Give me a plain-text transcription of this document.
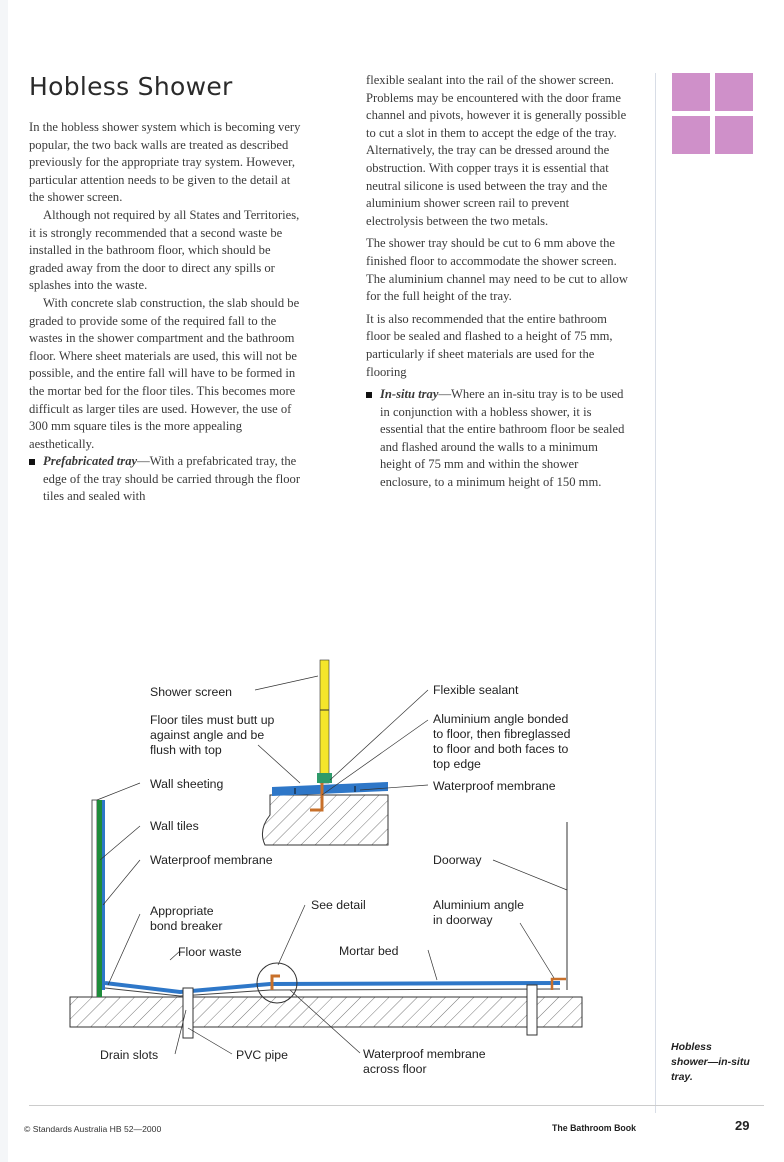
Hobless Shower

In the hobless shower system which is becoming very popular, the two back walls are treated as described previously for the appropriate tray system. However, particular attention needs to be given to the detail at the shower screen.

Although not required by all States and Territories, it is strongly recommended that a second waste be installed in the bathroom floor, which should be graded away from the door to direct any spills or splashes into the waste.

With concrete slab construction, the slab should be graded to provide some of the required fall to the wastes in the shower compartment and the bathroom floor. Where sheet materials are used, this will not be possible, and the entire fall will have to be formed in the mortar bed for the floor tiles. This becomes more difficult as larger tiles are used. However, the use of 300 mm square tiles is the more appealing aesthetically.

Prefabricated tray—With a prefabricated tray, the edge of the tray should be carried through the floor tiles and sealed with

flexible sealant into the rail of the shower screen. Problems may be encountered with the door frame channel and pivots, however it is generally possible to cut a slot in them to accept the edge of the tray. Alternatively, the tray can be dressed around the obstruction. With copper trays it is essential that neutral silicone is used between the tray and the aluminium shower screen rail to prevent electrolysis between the two metals.

The shower tray should be cut to 6 mm above the finished floor to accommodate the shower screen. The aluminium channel may need to be cut to allow for the full height of the tray.

It is also recommended that the entire bathroom floor be sealed and flashed to a height of 75 mm, particularly if sheet materials are used for the flooring

In-situ tray—Where an in-situ tray is to be used in conjunction with a hobless shower, it is essential that the entire bathroom floor be sealed and flashed around the walls to a minimum height of 75 mm and within the shower enclosure, to a minimum height of 150 mm.
Shower screen
Floor tiles must butt up
against angle and be
flush with top
Wall sheeting
Wall tiles
Waterproof membrane
Appropriate
bond breaker
Floor waste
See detail
Mortar bed
Flexible sealant
Aluminium angle bonded
to floor, then fibreglassed
to floor and both faces to
top edge
Waterproof membrane
Doorway
Aluminium angle
in doorway
Drain slots	PVC pipe	Waterproof membrane
across floor
Hobless
shower—in-situ
tray.
© Standards Australia HB 52—2000	The Bathroom Book	29
